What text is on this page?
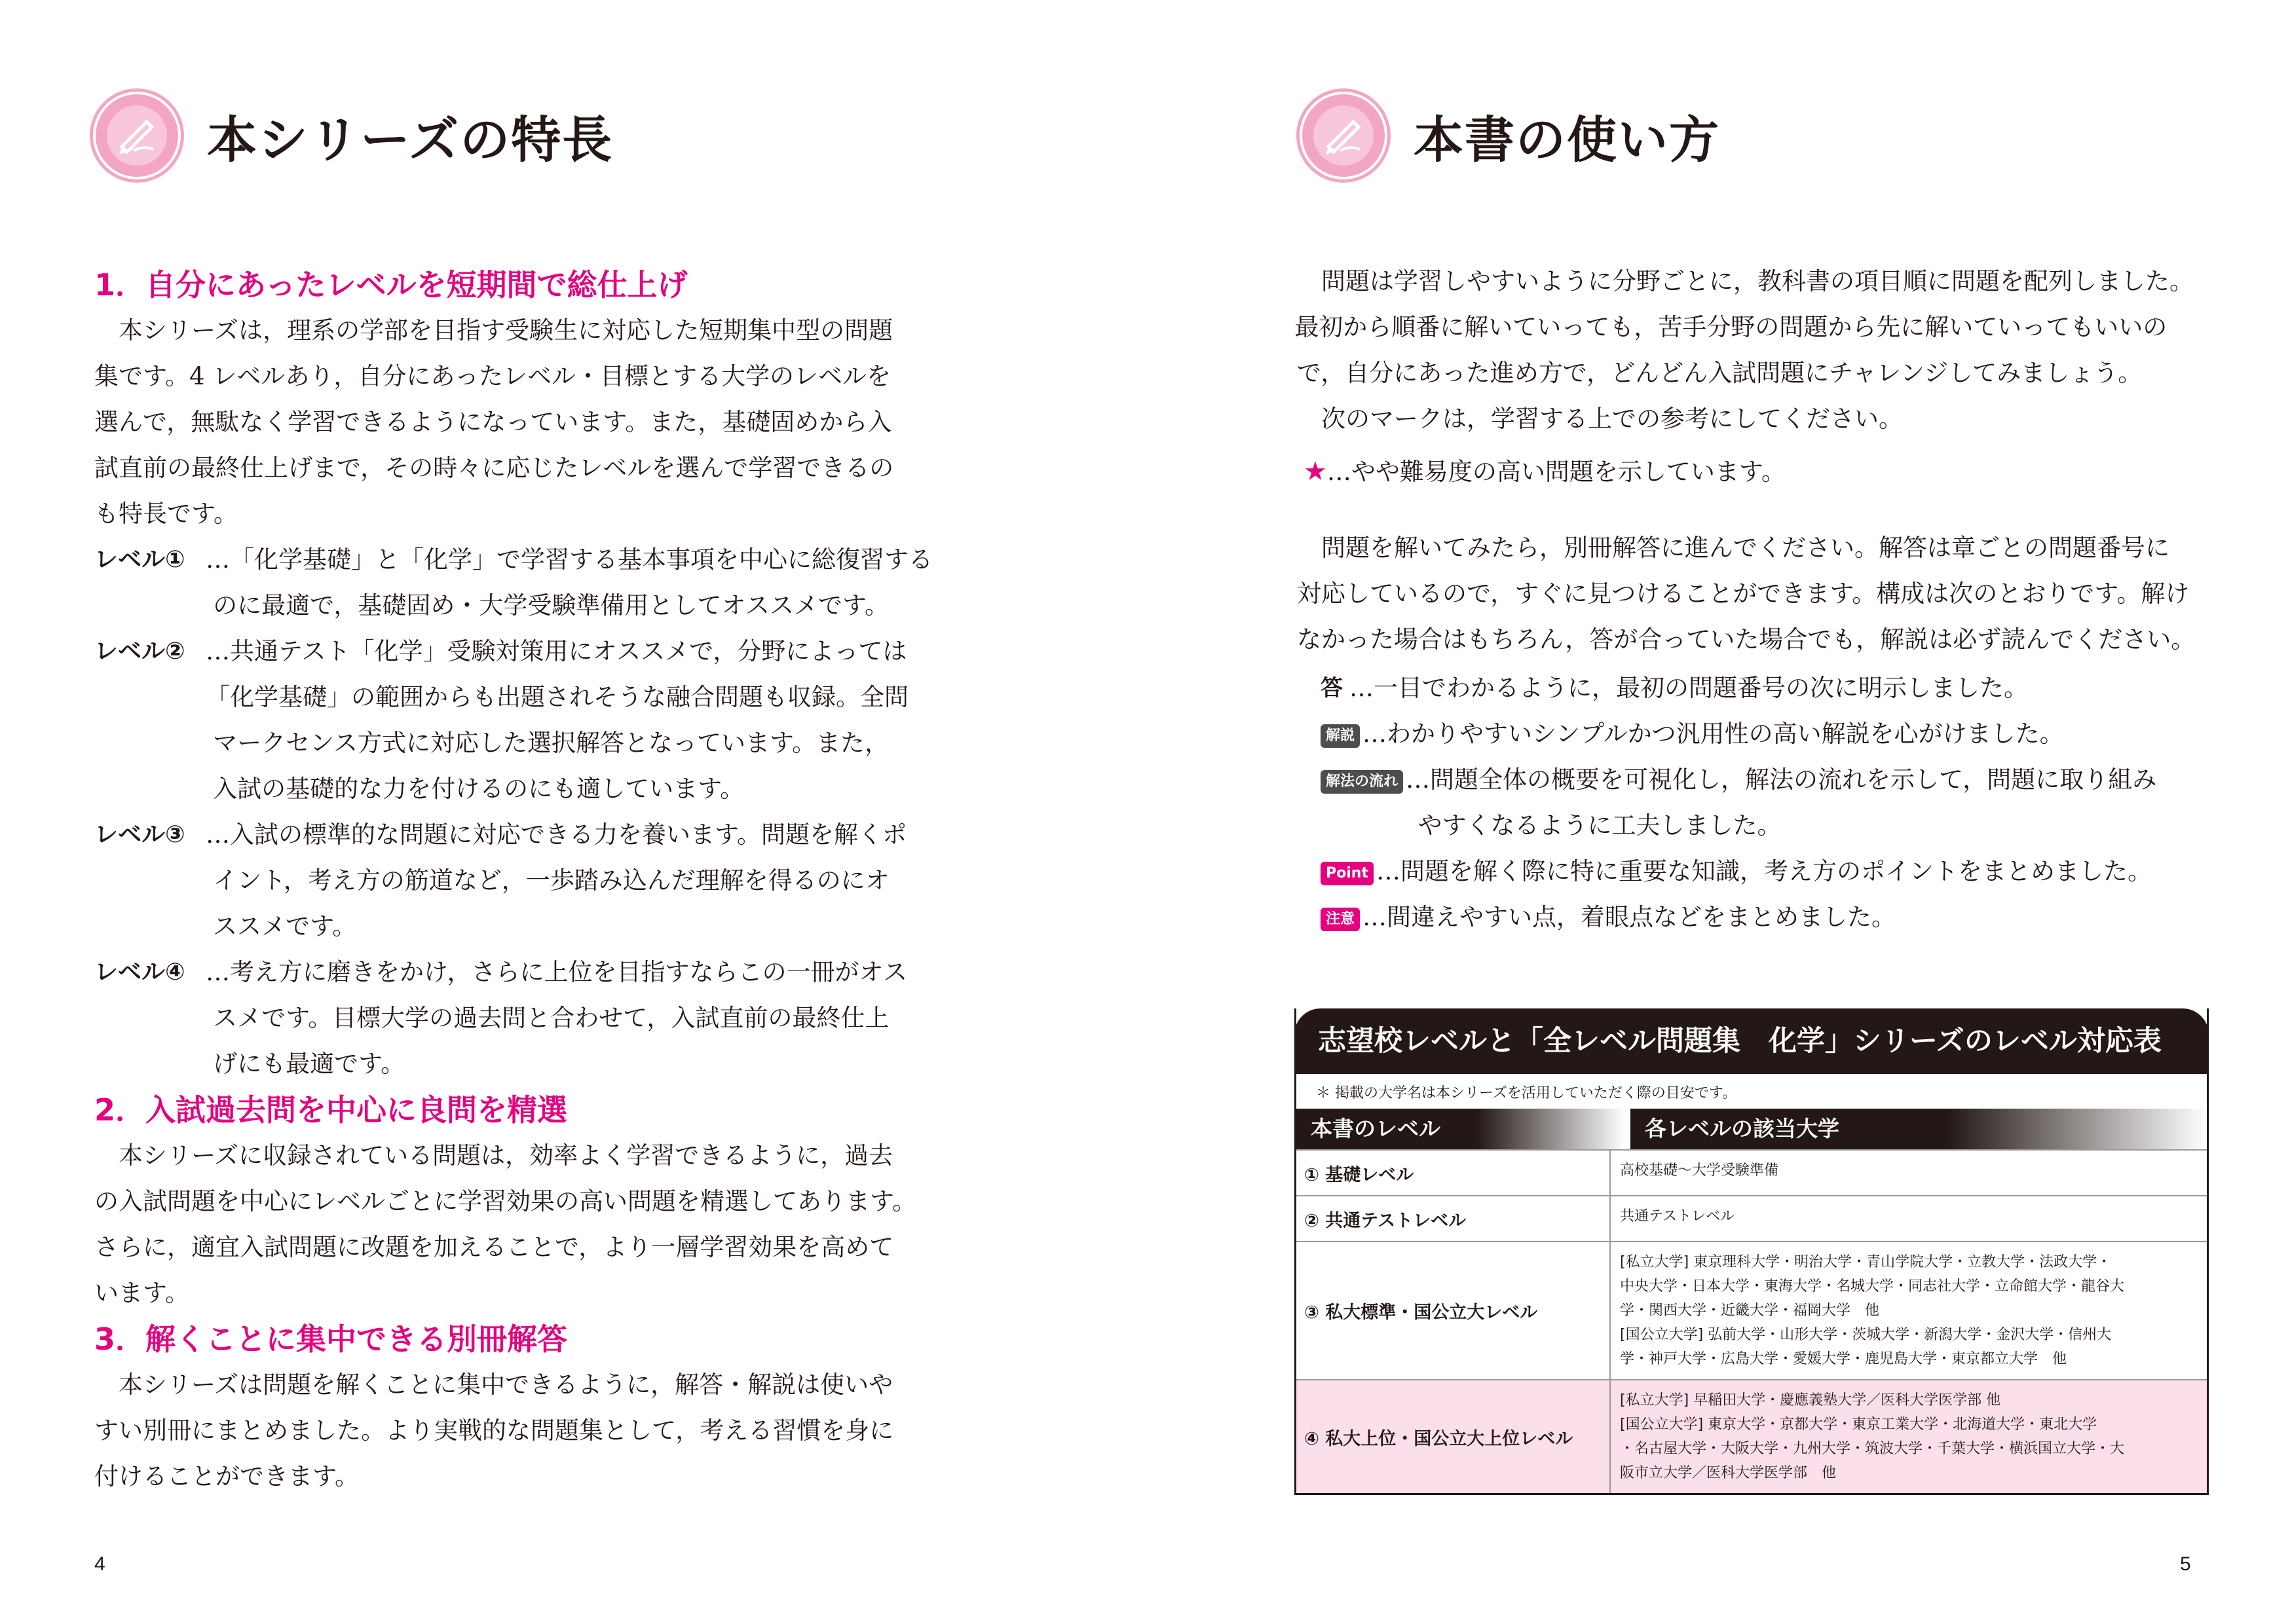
本シリーズの特長
1．自分にあったレベルを短期間で総仕上げ
本シリーズは，理系の学部を目指す受験生に対応した短期集中型の問題
集です。4 レベルあり，自分にあったレベル・目標とする大学のレベルを
選んで，無駄なく学習できるようになっています。また，基礎固めから入
試直前の最終仕上げまで，その時々に応じたレベルを選んで学習できるの
も特長です。
レベル① …「化学基礎」と「化学」で学習する基本事項を中心に総復習する
のに最適で，基礎固め・大学受験準備用としてオススメです。
レベル② …共通テスト「化学」受験対策用にオススメで，分野によっては
「化学基礎」の範囲からも出題されそうな融合問題も収録。全問
マークセンス方式に対応した選択解答となっています。また，
入試の基礎的な力を付けるのにも適しています。
レベル③ …入試の標準的な問題に対応できる力を養います。問題を解くポ
イント，考え方の筋道など，一歩踏み込んだ理解を得るのにオ
ススメです。
レベル④ …考え方に磨きをかけ，さらに上位を目指すならこの一冊がオス
スメです。目標大学の過去問と合わせて，入試直前の最終仕上
げにも最適です。
2．入試過去問を中心に良問を精選
本シリーズに収録されている問題は，効率よく学習できるように，過去
の入試問題を中心にレベルごとに学習効果の高い問題を精選してあります。
さらに，適宜入試問題に改題を加えることで，より一層学習効果を高めて
います。
3．解くことに集中できる別冊解答
本シリーズは問題を解くことに集中できるように，解答・解説は使いや
すい別冊にまとめました。より実戦的な問題集として，考える習慣を身に
付けることができます。
4
本書の使い方
問題は学習しやすいように分野ごとに，教科書の項目順に問題を配列しました。
最初から順番に解いていっても，苦手分野の問題から先に解いていってもいいの
で，自分にあった進め方で，どんどん入試問題にチャレンジしてみましょう。
次のマークは，学習する上での参考にしてください。
★…やや難易度の高い問題を示しています。
問題を解いてみたら，別冊解答に進んでください。解答は章ごとの問題番号に
対応しているので，すぐに見つけることができます。構成は次のとおりです。解け
なかった場合はもちろん，答が合っていた場合でも，解説は必ず読んでください。
答 …一目でわかるように，最初の問題番号の次に明示しました。
解説 …わかりやすいシンプルかつ汎用性の高い解説を心がけました。
解法の流れ …問題全体の概要を可視化し，解法の流れを示して，問題に取り組み
やすくなるように工夫しました。
Point …問題を解く際に特に重要な知識，考え方のポイントをまとめました。
注意 …間違えやすい点，着眼点などをまとめました。
5
志望校レベルと「全レベル問題集　化学」シリーズのレベル対応表
＊ 掲載の大学名は本シリーズを活用していただく際の目安です。
本書のレベル	各レベルの該当大学
① 基礎レベル	高校基礎～大学受験準備
② 共通テストレベル	共通テストレベル
③ 私大標準・国公立大レベル
[私立大学] 東京理科大学・明治大学・青山学院大学・立教大学・法政大学・
中央大学・日本大学・東海大学・名城大学・同志社大学・立命館大学・龍谷大
学・関西大学・近畿大学・福岡大学　他
[国公立大学] 弘前大学・山形大学・茨城大学・新潟大学・金沢大学・信州大
学・神戸大学・広島大学・愛媛大学・鹿児島大学・東京都立大学　他
④ 私大上位・国公立大上位レベル
[私立大学] 早稲田大学・慶應義塾大学／医科大学医学部 他
[国公立大学] 東京大学・京都大学・東京工業大学・北海道大学・東北大学
・名古屋大学・大阪大学・九州大学・筑波大学・千葉大学・横浜国立大学・大
阪市立大学／医科大学医学部　他
